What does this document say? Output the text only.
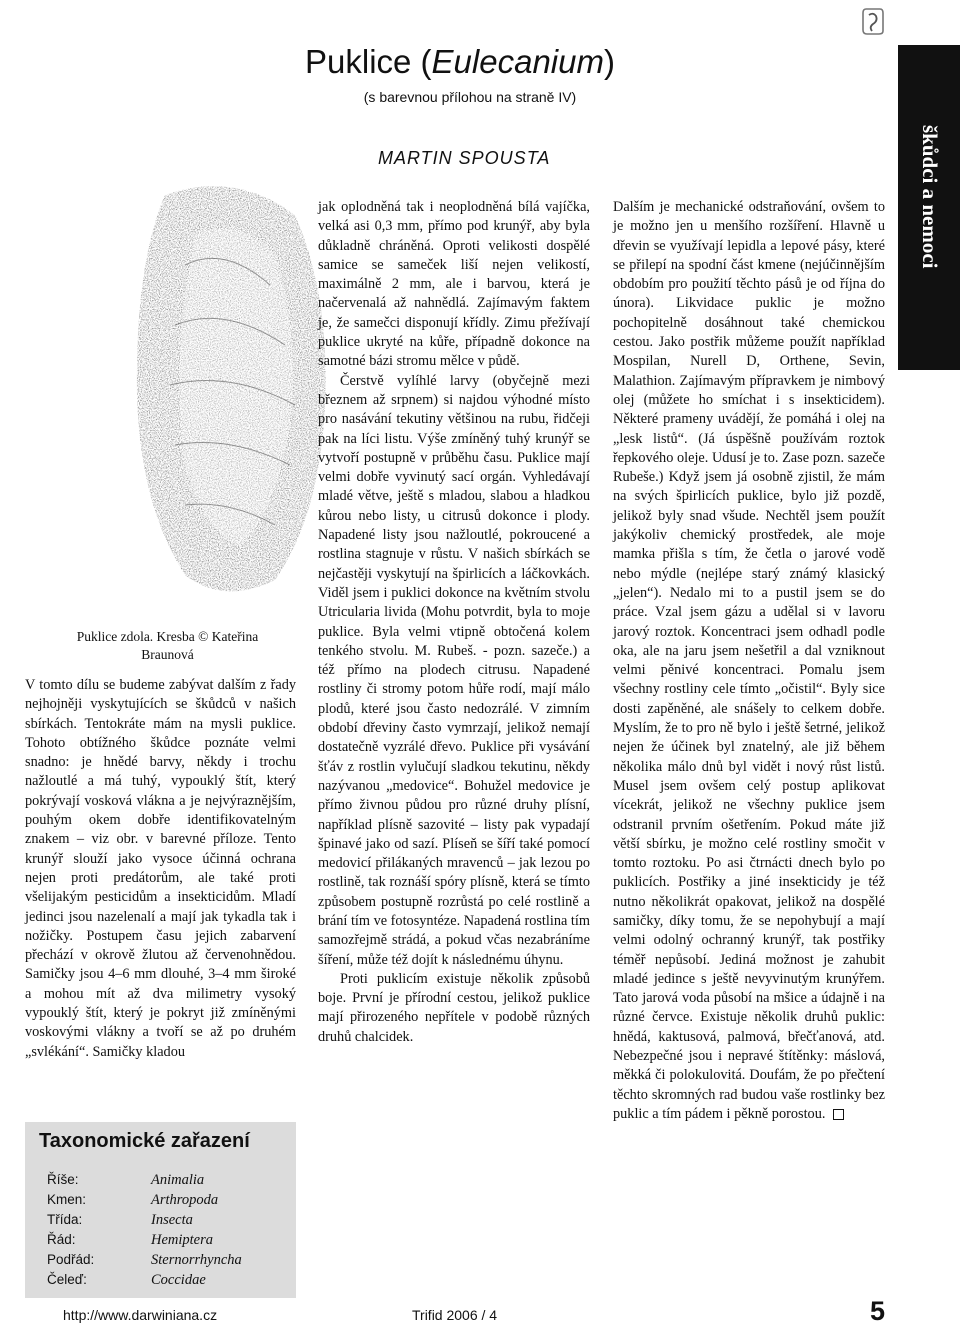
Puklice (Eulecanium)
(s barevnou přílohou na straně IV)
MARTIN SPOUSTA	škůdci a nemoci
Puklice zdola. Kresba © Kateřina Braunová

V tomto dílu se budeme zabývat dalším z řady nejhojněji vyskytujících se škůdců v našich sbírkách. Tentokráte mám na mysli puklice. Tohoto obtížného škůdce poznáte velmi snadno: je hnědé barvy, někdy i trochu nažloutlé a má tuhý, vypouklý štít, který pokrývají vosková vlákna a je nejvýraznějším, pouhým okem dobře identifikovatelným znakem – viz obr. v barevné příloze. Tento krunýř slouží jako vysoce účinná ochrana nejen proti predátorům, ale také proti všelijakým pesticidům a insekticidům. Mladí jedinci jsou nazelenalí a mají jak tykadla tak i nožičky. Postupem času jejich zabarvení přechází v okrově žlutou až červenohnědou. Samičky jsou 4–6 mm dlouhé, 3–4 mm široké a mohou mít až dva milimetry vysoký vypouklý štít, který je pokryt již zmíněnými voskovými vlákny a tvoří se až po druhém „svlékání“. Samičky kladou

Taxonomické zařazení
Říše:	Animalia
Kmen:	Arthropoda
Třída:	Insecta
Řád:	Hemiptera
Podřád:	Sternorrhyncha
Čeleď:	Coccidae

jak oplodněná tak i neoplodněná bílá vajíčka, velká asi 0,3 mm, přímo pod krunýř, aby byla důkladně chráněná. Oproti velikosti dospělé samice se sameček liší nejen velikostí, maximálně 2 mm, ale i barvou, která je načervenalá až nahnědlá. Zajímavým faktem je, že samečci disponují křídly. Zimu přežívají puklice ukryté na kůře, případně dokonce na samotné bázi stromu mělce v půdě.

Čerstvě vylíhlé larvy (obyčejně mezi březnem až srpnem) si najdou výhodné místo pro nasávání tekutiny většinou na rubu, řidčeji pak na líci listu. Výše zmíněný tuhý krunýř se vytvoří postupně v průběhu času. Puklice mají velmi dobře vyvinutý sací orgán. Vyhledávají mladé větve, ještě s mladou, slabou a hladkou kůrou nebo listy, u citrusů dokonce i plody. Napadené listy jsou nažloutlé, pokroucené a rostlina stagnuje v růstu. V našich sbírkách se nejčastěji vyskytují na špirlicích a láčkovkách. Viděl jsem i puklici dokonce na květním stvolu Utricularia livida (Mohu potvrdit, byla to moje puklice. Byla velmi vtipně obtočená kolem tenkého stvolu. M. Rubeš. - pozn. sazeče.) a též přímo na plodech citrusu. Napadené rostliny či stromy potom hůře rodí, mají málo plodů, které jsou často nedozrálé. V zimním období dřeviny často vymrzají, jelikož nemají dostatečně vyzrálé dřevo. Puklice při vysávání šťáv z rostlin vylučují sladkou tekutinu, někdy nazývanou „medovice“. Bohužel medovice je přímo živnou půdou pro různé druhy plísní, například plísně sazovité – listy pak vypadají špinavé jako od sazí. Plíseň se šíří také pomocí medovicí přilákaných mravenců – jak lezou po rostlině, tak roznáší spóry plísně, která se tímto způsobem postupně rozrůstá po celé rostlině a brání tím ve fotosyntéze. Napadená rostlina tím samozřejmě strádá, a pokud včas nezabráníme šíření, může též dojít k následnému úhynu.

Proti puklicím existuje několik způsobů boje. První je přírodní cestou, jelikož puklice mají přirozeného nepřítele v podobě různých druhů chalcidek.

Dalším je mechanické odstraňování, ovšem to je možno jen u menšího rozšíření. Hlavně u dřevin se využívají lepidla a lepové pásy, které se přilepí na spodní část kmene (nejúčinnějším obdobím pro použití těchto pásů je od října do února). Likvidace puklic je možno pochopitelně dosáhnout také chemickou cestou. Jako postřik můžeme použít například Mospilan, Nurell D, Orthene, Sevin, Malathion. Zajímavým přípravkem je nimbový olej (můžete ho smíchat i s insekticidem). Některé prameny uvádějí, že pomáhá i olej na „lesk listů“. (Já úspěšně používám roztok řepkového oleje. Udusí je to. Zase pozn. sazeče Rubeše.) Když jsem já osobně zjistil, že mám na svých špirlicích puklice, bylo již pozdě, jelikož byly snad všude. Nechtěl jsem použít jakýkoliv chemický prostředek, ale moje mamka přišla s tím, že četla o jarové vodě nebo mýdle (nejlépe starý známý klasický „jelen“). Nedalo mi to a pustil jsem se do práce. Vzal jsem gázu a udělal si v lavoru jarový roztok. Koncentraci jsem odhadl podle oka, ale na jaru jsem nešetřil a dal vzniknout velmi pěnivé koncentraci. Pomalu jsem všechny rostliny cele tímto „očistil“. Byly sice dosti zapěněné, ale snášely to celkem dobře. Myslím, že to pro ně bylo i ještě šetrné, jelikož nejen že účinek byl znatelný, ale již během několika málo dnů byl vidět i nový růst listů. Musel jsem ovšem celý postup aplikovat vícekrát, jelikož ne všechny puklice jsem odstranil prvním ošetřením. Pokud máte již větší sbírku, je možno celé rostliny smočit v tomto roztoku. Po asi čtrnácti dnech bylo po puklicích. Postřiky a jiné insekticidy je též nutno několikrát opakovat, jelikož na dospělé samičky, díky tomu, že se nepohybují a mají velmi odolný ochranný krunýř, tak postřiky téměř nepůsobí. Jediná možnost je zahubit mladé jedince s ještě nevyvinutým krunýřem. Tato jarová voda působí na mšice a údajně i na různé červce. Existuje několik druhů puklic: hnědá, kaktusová, palmová, břečťanová, atd. Nebezpečné jsou i nepravé štítěnky: máslová, měkká či polokulovitá. Doufám, že po přečtení těchto skromných rad budou vaše rostlinky bez puklic a tím pádem i pěkně porostou.

http://www.darwiniana.cz	Trifid 2006 / 4	5
